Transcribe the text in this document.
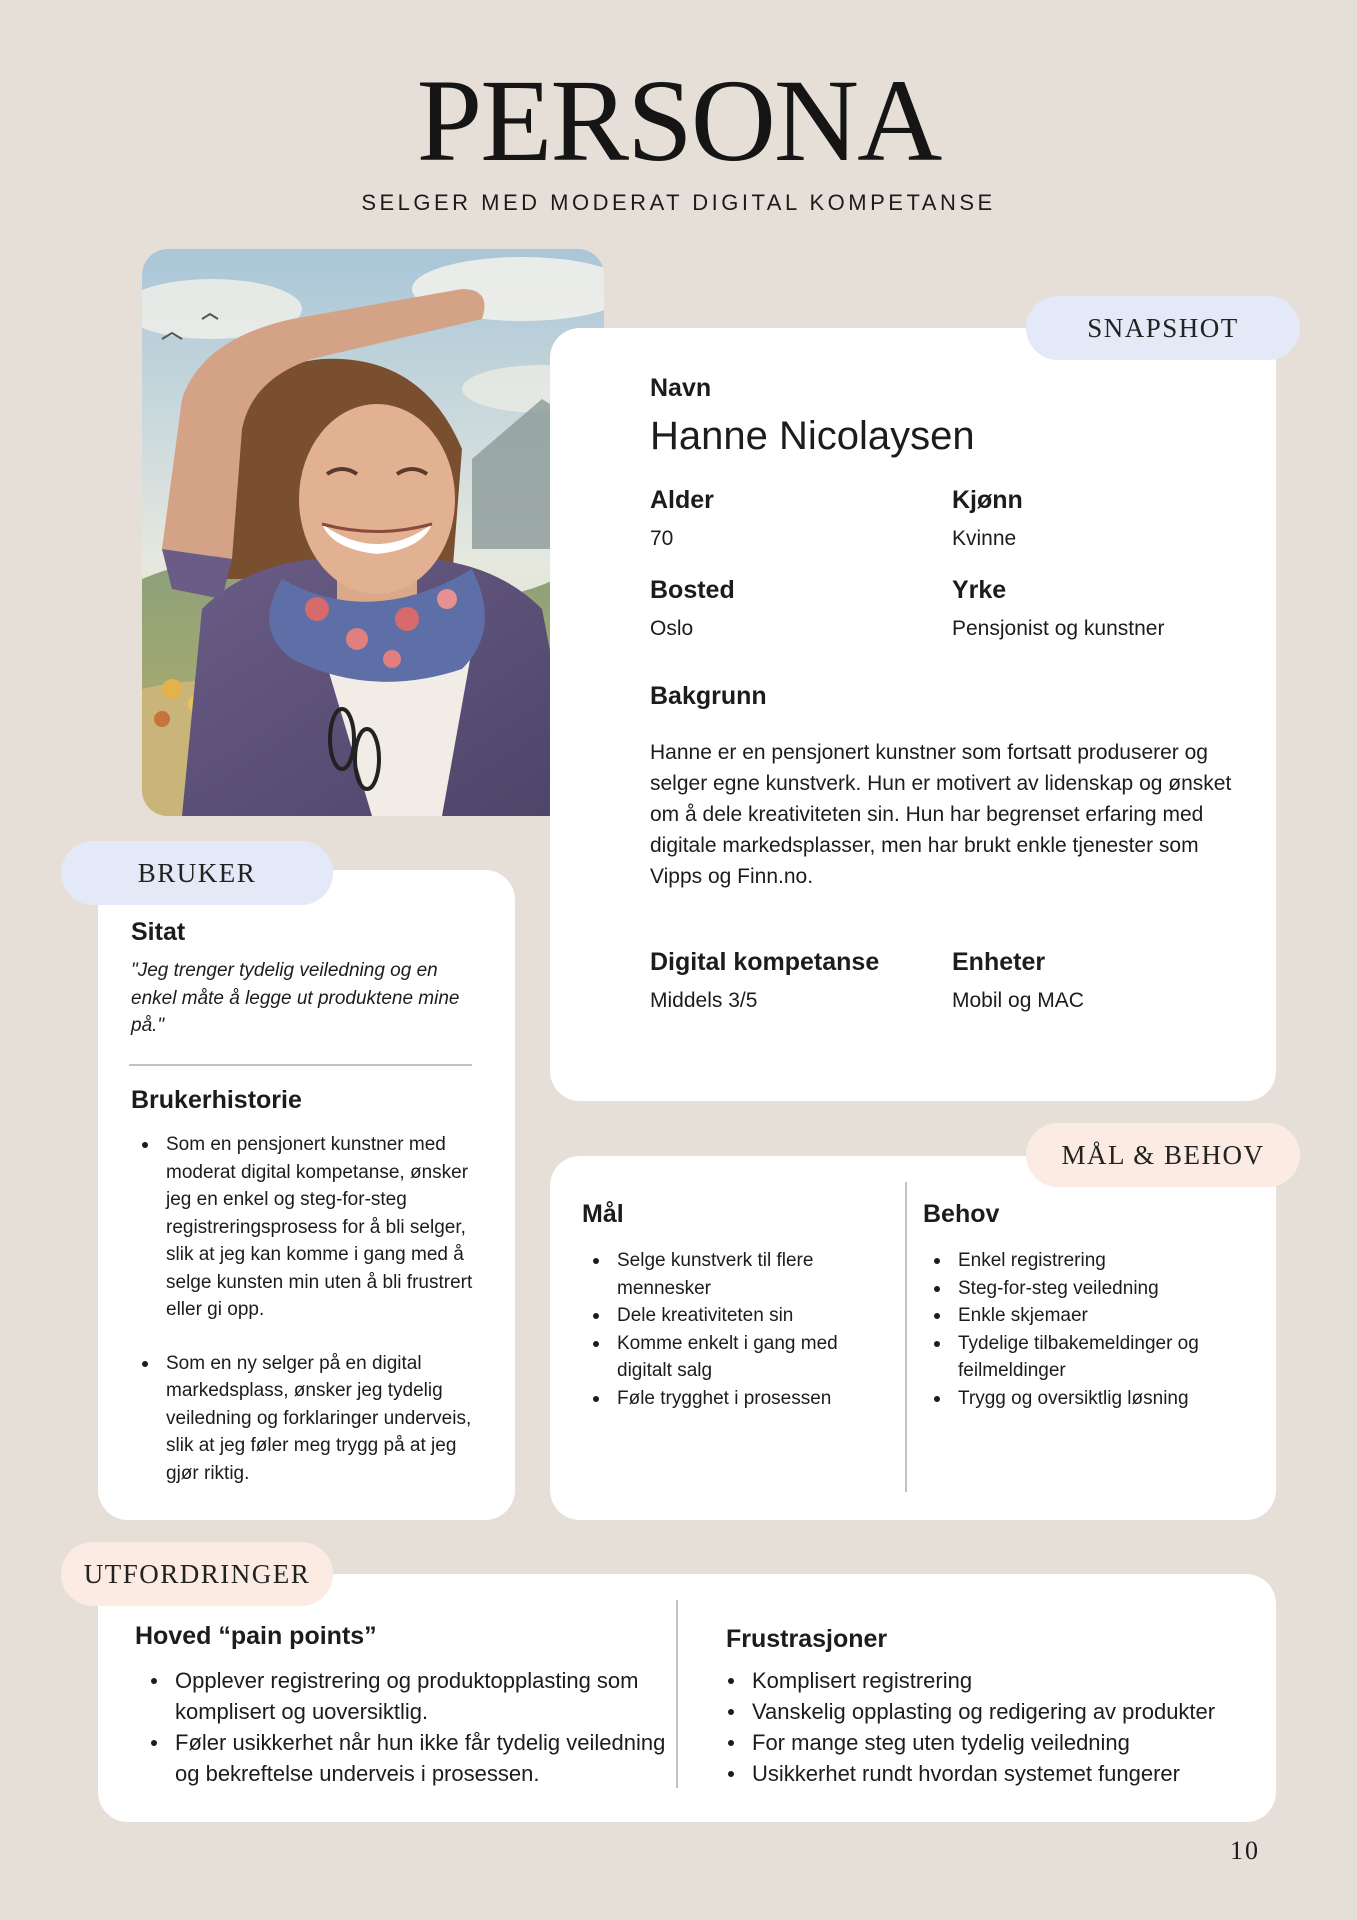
PERSONA
SELGER MED MODERAT DIGITAL KOMPETANSE
SNAPSHOT
Navn
Hanne Nicolaysen
Alder
70
Kjønn
Kvinne
Bosted
Oslo
Yrke
Pensjonist og kunstner
Bakgrunn
Hanne er en pensjonert kunstner som fortsatt produserer og selger egne kunstverk. Hun er motivert av lidenskap og ønsket om å dele kreativiteten sin. Hun har begrenset erfaring med digitale markedsplasser, men har brukt enkle tjenester som Vipps og Finn.no.
Digital kompetanse
Middels 3/5
Enheter
Mobil og MAC
BRUKER
Sitat
"Jeg trenger tydelig veiledning og en enkel måte å legge ut produktene mine på."
Brukerhistorie
Som en pensjonert kunstner med moderat digital kompetanse, ønsker jeg en enkel og steg-for-steg registreringsprosess for å bli selger, slik at jeg kan komme i gang med å selge kunsten min uten å bli frustrert eller gi opp.
Som en ny selger på en digital markedsplass, ønsker jeg tydelig veiledning og forklaringer underveis, slik at jeg føler meg trygg på at jeg gjør riktig.
MÅL & BEHOV
Mål
Selge kunstverk til flere mennesker
Dele kreativiteten sin
Komme enkelt i gang med digitalt salg
Føle trygghet i prosessen
Behov
Enkel registrering
Steg-for-steg veiledning
Enkle skjemaer
Tydelige tilbakemeldinger og feilmeldinger
Trygg og oversiktlig løsning
UTFORDRINGER
Hoved “pain points”
Opplever registrering og produktopplasting som komplisert og uoversiktlig.
Føler usikkerhet når hun ikke får tydelig veiledning og bekreftelse underveis i prosessen.
Frustrasjoner
Komplisert registrering
Vanskelig opplasting og redigering av produkter
For mange steg uten tydelig veiledning
Usikkerhet rundt hvordan systemet fungerer
10
